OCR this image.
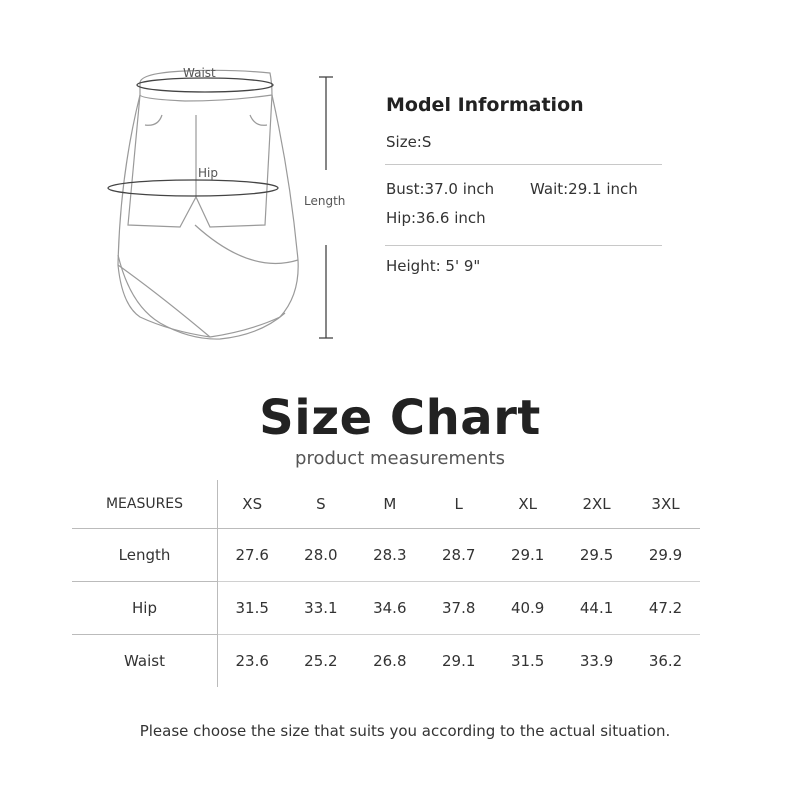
Waist
Hip
Length
Model Information
Size:S
Bust:37.0 inch Wait:29.1 inch
Hip:36.6 inch
Height: 5' 9"
Size Chart
product measurements
MEASURES	XS	S	M	L	XL	2XL	3XL
Length	27.6	28.0	28.3	28.7	29.1	29.5	29.9
Hip	31.5	33.1	34.6	37.8	40.9	44.1	47.2
Waist	23.6	25.2	26.8	29.1	31.5	33.9	36.2
Please choose the size that suits you according to the actual situation.
